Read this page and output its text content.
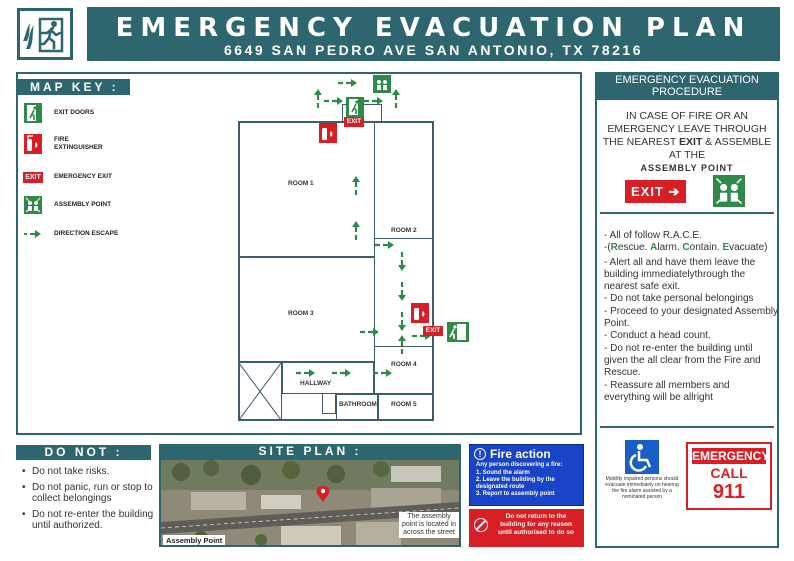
EMERGENCY EVACUATION PLAN
6649 SAN PEDRO AVE SAN ANTONIO, TX 78216
MAP KEY :
EXIT DOORS
FIRE
EXTINGUISHER
EXIT	EMERGENCY EXIT
ASSEMBLY POINT
DIRECTION ESCAPE
ROOM 1
ROOM 2
ROOM 3
ROOM 4
HALLWAY
BATHROOM ROOM 5
EXIT
EXIT
EMERGENCY EVACUATION PROCEDURE
IN CASE OF FIRE OR AN
EMERGENCY LEAVE THROUGH
THE NEAREST EXIT & ASSEMBLE
AT THE
ASSEMBLY POINT
EXIT ➔
- All of follow R.A.C.E.
-(Rescue. Alarm. Contain. Evacuate)
- Alert all and have them leave the building immediatelythrough the nearest safe exit.
- Do not take personal belongings
- Proceed to your designated Assembly Point.
- Conduct a head count.
- Do not re-enter the building until given the all clear from the Fire and Rescue.
- Reassure all members and everything will be allright
Mobility impaired persons should evacuate immediately on hearing the fire alarm assisted by a nominated person
EMERGENCY
CALL
911
DO NOT :
• Do not take risks.
• Do not panic, run or stop to collect belongings
• Do not re-enter the building until authorized.
SITE PLAN :
Assembly Point
The assembly point is located in across the street
! Fire action
Any person discovering a fire:
1. Sound the alarm
2. Leave the building by the designated route
3. Report to assembly point
Do not return to the building for any reason until authorised to do so
